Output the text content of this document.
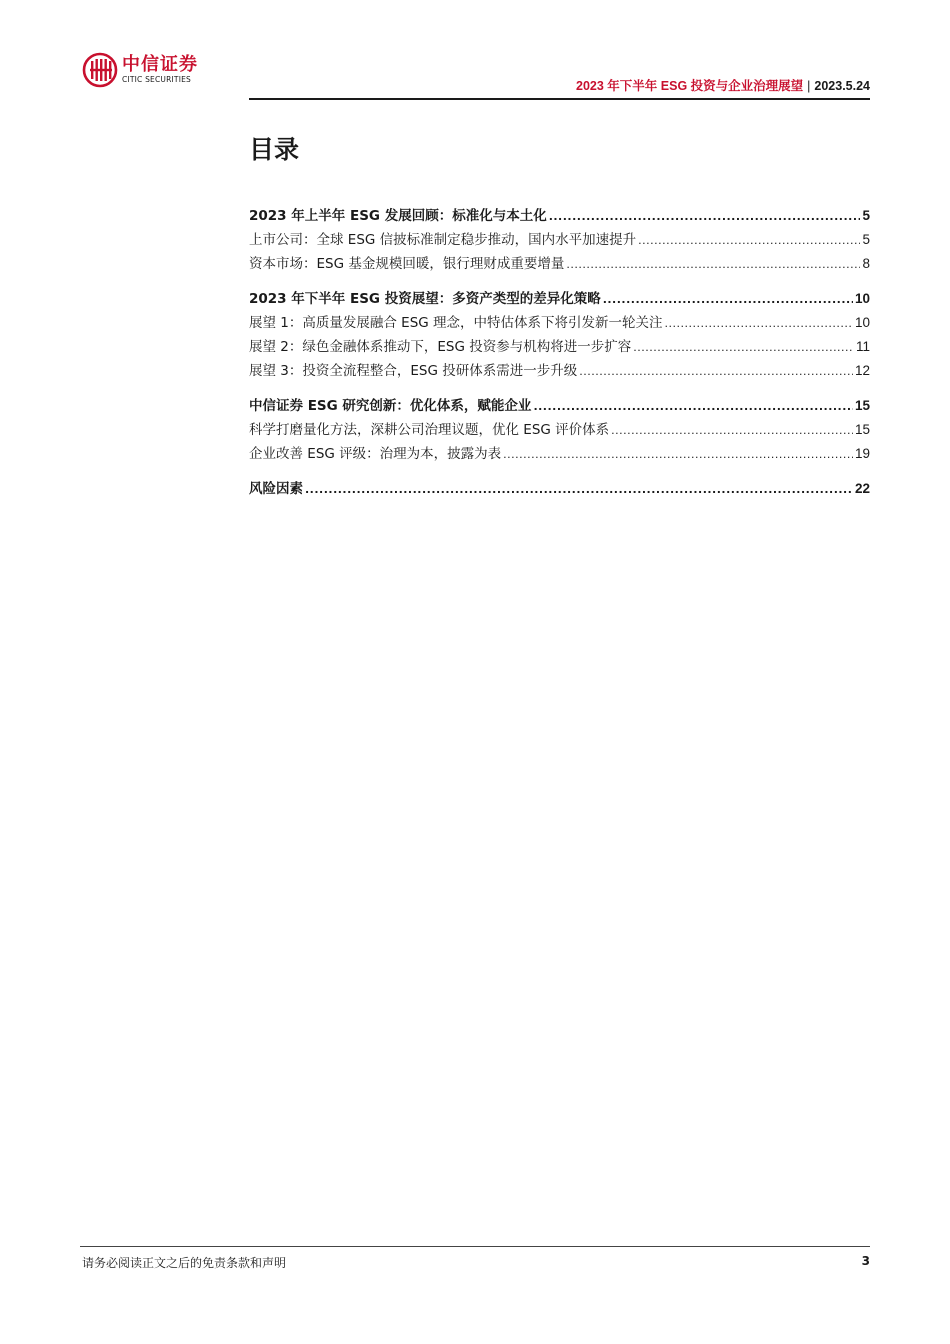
中信证券
CITIC SECURITIES	2023 年下半年 ESG 投资与企业治理展望 | 2023.5.24
目录
2023 年上半年 ESG 发展回顾：标准化与本土化 .....	5
上市公司：全球 ESG 信披标准制定稳步推动，国内水平加速提升 .....	5
资本市场：ESG 基金规模回暖，银行理财成重要增量 .....	8
2023 年下半年 ESG 投资展望：多资产类型的差异化策略 .....	10
展望 1：高质量发展融合 ESG 理念，中特估体系下将引发新一轮关注 .....	10
展望 2：绿色金融体系推动下，ESG 投资参与机构将进一步扩容 .....	11
展望 3：投资全流程整合，ESG 投研体系需进一步升级 .....	12
中信证券 ESG 研究创新：优化体系，赋能企业 .....	15
科学打磨量化方法，深耕公司治理议题，优化 ESG 评价体系 .....	15
企业改善 ESG 评级：治理为本，披露为表 .....	19
风险因素 .....	22
请务必阅读正文之后的免责条款和声明	3
